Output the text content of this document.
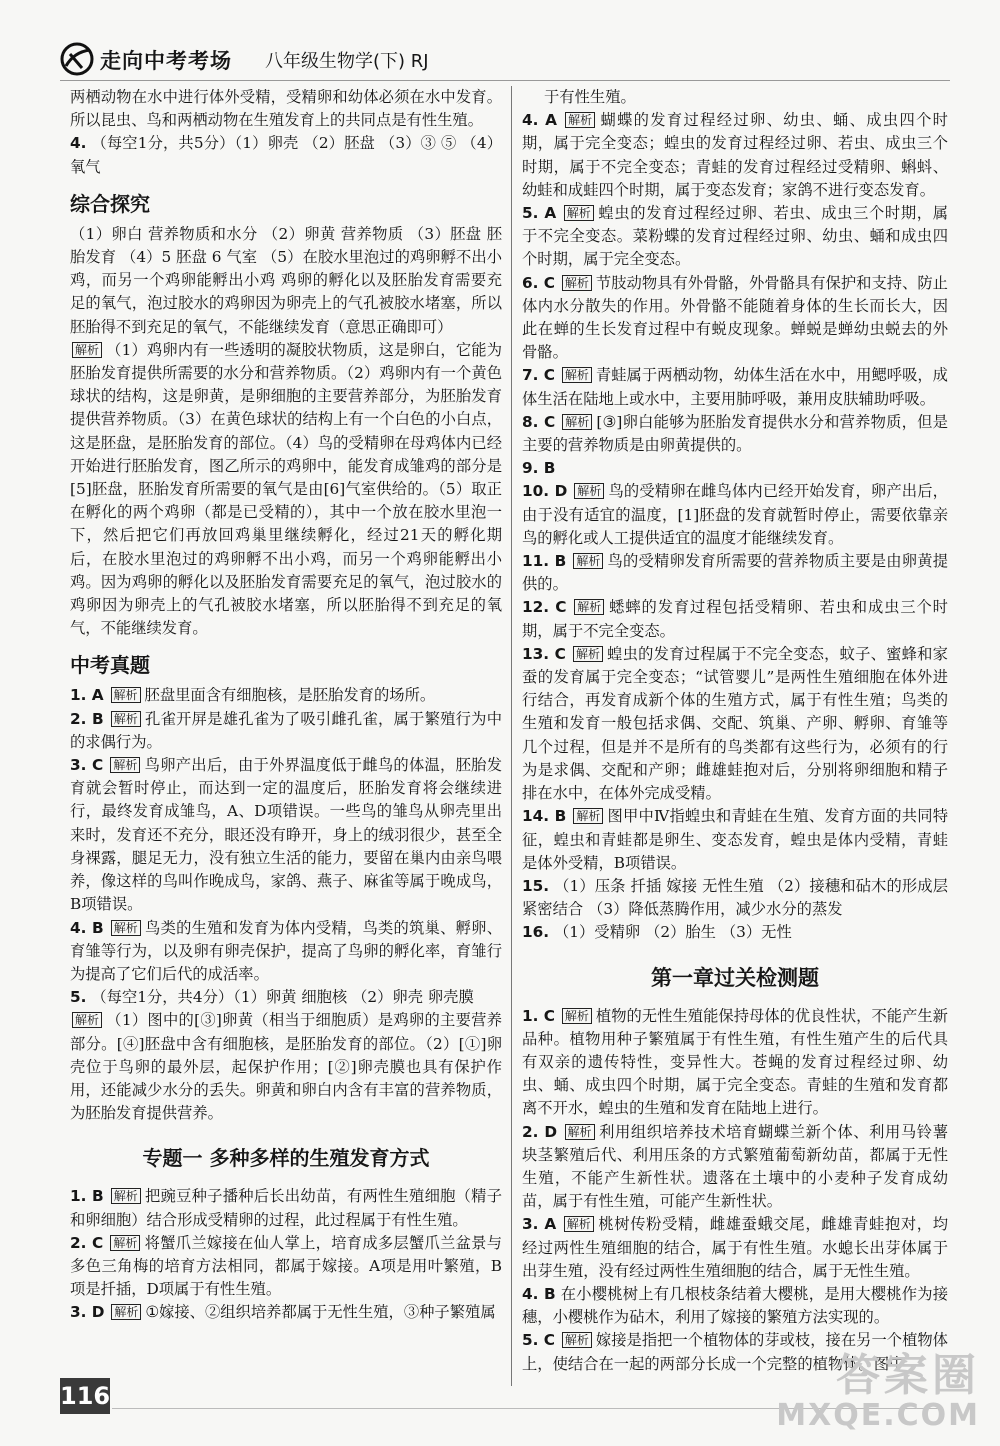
走向中考考场 八年级生物学(下) RJ

两栖动物在水中进行体外受精，受精卵和幼体必须在水中发育。所以昆虫、鸟和两栖动物在生殖发育上的共同点是有性生殖。

4. （每空1分，共5分）（1）卵壳 （2）胚盘 （3）③ ⑤ （4）氧气

综合探究

（1）卵白 营养物质和水分 （2）卵黄 营养物质 （3）胚盘 胚胎发育 （4）5 胚盘 6 气室 （5）在胶水里泡过的鸡卵孵不出小鸡，而另一个鸡卵能孵出小鸡 鸡卵的孵化以及胚胎发育需要充足的氧气，泡过胶水的鸡卵因为卵壳上的气孔被胶水堵塞，所以胚胎得不到充足的氧气，不能继续发育（意思正确即可）

解析 （1）鸡卵内有一些透明的凝胶状物质，这是卵白，它能为胚胎发育提供所需要的水分和营养物质。（2）鸡卵内有一个黄色球状的结构，这是卵黄，是卵细胞的主要营养部分，为胚胎发育提供营养物质。（3）在黄色球状的结构上有一个白色的小白点，这是胚盘，是胚胎发育的部位。（4）鸟的受精卵在母鸡体内已经开始进行胚胎发育，图乙所示的鸡卵中，能发育成雏鸡的部分是[5]胚盘，胚胎发育所需要的氧气是由[6]气室供给的。（5）取正在孵化的两个鸡卵（都是已受精的），其中一个放在胶水里泡一下，然后把它们再放回鸡巢里继续孵化，经过21天的孵化期后，在胶水里泡过的鸡卵孵不出小鸡，而另一个鸡卵能孵出小鸡。因为鸡卵的孵化以及胚胎发育需要充足的氧气，泡过胶水的鸡卵因为卵壳上的气孔被胶水堵塞，所以胚胎得不到充足的氧气，不能继续发育。

中考真题

1. A 解析 胚盘里面含有细胞核，是胚胎发育的场所。

2. B 解析 孔雀开屏是雄孔雀为了吸引雌孔雀，属于繁殖行为中的求偶行为。

3. C 解析 鸟卵产出后，由于外界温度低于雌鸟的体温，胚胎发育就会暂时停止，而达到一定的温度后，胚胎发育将会继续进行，最终发育成雏鸟，A、D项错误。一些鸟的雏鸟从卵壳里出来时，发育还不充分，眼还没有睁开，身上的绒羽很少，甚至全身裸露，腿足无力，没有独立生活的能力，要留在巢内由亲鸟喂养，像这样的鸟叫作晚成鸟，家鸽、燕子、麻雀等属于晚成鸟，B项错误。

4. B 解析 鸟类的生殖和发育为体内受精，鸟类的筑巢、孵卵、育雏等行为，以及卵有卵壳保护，提高了鸟卵的孵化率，育雏行为提高了它们后代的成活率。

5. （每空1分，共4分）（1）卵黄 细胞核 （2）卵壳 卵壳膜

解析 （1）图中的[③]卵黄（相当于细胞质）是鸡卵的主要营养部分。[④]胚盘中含有细胞核，是胚胎发育的部位。（2）[①]卵壳位于鸟卵的最外层，起保护作用；[②]卵壳膜也具有保护作用，还能减少水分的丢失。卵黄和卵白内含有丰富的营养物质，为胚胎发育提供营养。

专题一 多种多样的生殖发育方式

1. B 解析 把豌豆种子播种后长出幼苗，有两性生殖细胞（精子和卵细胞）结合形成受精卵的过程，此过程属于有性生殖。

2. C 解析 将蟹爪兰嫁接在仙人掌上，培育成多层蟹爪兰盆景与多色三角梅的培育方法相同，都属于嫁接。A项是用叶繁殖，B项是扦插，D项属于有性生殖。

3. D 解析 ①嫁接、②组织培养都属于无性生殖，③种子繁殖属

于有性生殖。

4. A 解析 蝴蝶的发育过程经过卵、幼虫、蛹、成虫四个时期，属于完全变态；蝗虫的发育过程经过卵、若虫、成虫三个时期，属于不完全变态；青蛙的发育过程经过受精卵、蝌蚪、幼蛙和成蛙四个时期，属于变态发育；家鸽不进行变态发育。

5. A 解析 蝗虫的发育过程经过卵、若虫、成虫三个时期，属于不完全变态。菜粉蝶的发育过程经过卵、幼虫、蛹和成虫四个时期，属于完全变态。

6. C 解析 节肢动物具有外骨骼，外骨骼具有保护和支持、防止体内水分散失的作用。外骨骼不能随着身体的生长而长大，因此在蝉的生长发育过程中有蜕皮现象。蝉蜕是蝉幼虫蜕去的外骨骼。

7. C 解析 青蛙属于两栖动物，幼体生活在水中，用鳃呼吸，成体生活在陆地上或水中，主要用肺呼吸，兼用皮肤辅助呼吸。

8. C 解析 [③]卵白能够为胚胎发育提供水分和营养物质，但是主要的营养物质是由卵黄提供的。

9. B

10. D 解析 鸟的受精卵在雌鸟体内已经开始发育，卵产出后，由于没有适宜的温度，[1]胚盘的发育就暂时停止，需要依靠亲鸟的孵化或人工提供适宜的温度才能继续发育。

11. B 解析 鸟的受精卵发育所需要的营养物质主要是由卵黄提供的。

12. C 解析 蟋蟀的发育过程包括受精卵、若虫和成虫三个时期，属于不完全变态。

13. C 解析 蝗虫的发育过程属于不完全变态，蚊子、蜜蜂和家蚕的发育属于完全变态；“试管婴儿”是两性生殖细胞在体外进行结合，再发育成新个体的生殖方式，属于有性生殖；鸟类的生殖和发育一般包括求偶、交配、筑巢、产卵、孵卵、育雏等几个过程，但是并不是所有的鸟类都有这些行为，必须有的行为是求偶、交配和产卵；雌雄蛙抱对后，分别将卵细胞和精子排在水中，在体外完成受精。

14. B 解析 图甲中Ⅳ指蝗虫和青蛙在生殖、发育方面的共同特征，蝗虫和青蛙都是卵生、变态发育，蝗虫是体内受精，青蛙是体外受精，B项错误。

15. （1）压条 扦插 嫁接 无性生殖 （2）接穗和砧木的形成层紧密结合 （3）降低蒸腾作用，减少水分的蒸发

16. （1）受精卵 （2）胎生 （3）无性

第一章过关检测题

1. C 解析 植物的无性生殖能保持母体的优良性状，不能产生新品种。植物用种子繁殖属于有性生殖，有性生殖产生的后代具有双亲的遗传特性，变异性大。苍蝇的发育过程经过卵、幼虫、蛹、成虫四个时期，属于完全变态。青蛙的生殖和发育都离不开水，蝗虫的生殖和发育在陆地上进行。

2. D 解析 利用组织培养技术培育蝴蝶兰新个体、利用马铃薯块茎繁殖后代、利用压条的方式繁殖葡萄新幼苗，都属于无性生殖，不能产生新性状。遗落在土壤中的小麦种子发育成幼苗，属于有性生殖，可能产生新性状。

3. A 解析 桃树传粉受精，雌雄蚕蛾交尾，雌雄青蛙抱对，均经过两性生殖细胞的结合，属于有性生殖。水螅长出芽体属于出芽生殖，没有经过两性生殖细胞的结合，属于无性生殖。

4. B 在小樱桃树上有几根枝条结着大樱桃，是用大樱桃作为接穗，小樱桃作为砧木，利用了嫁接的繁殖方法实现的。

5. C 解析 嫁接是指把一个植物体的芽或枝，接在另一个植物体上，使结合在一起的两部分长成一个完整的植物体。图中

116	答案圈
MXQE.COM
